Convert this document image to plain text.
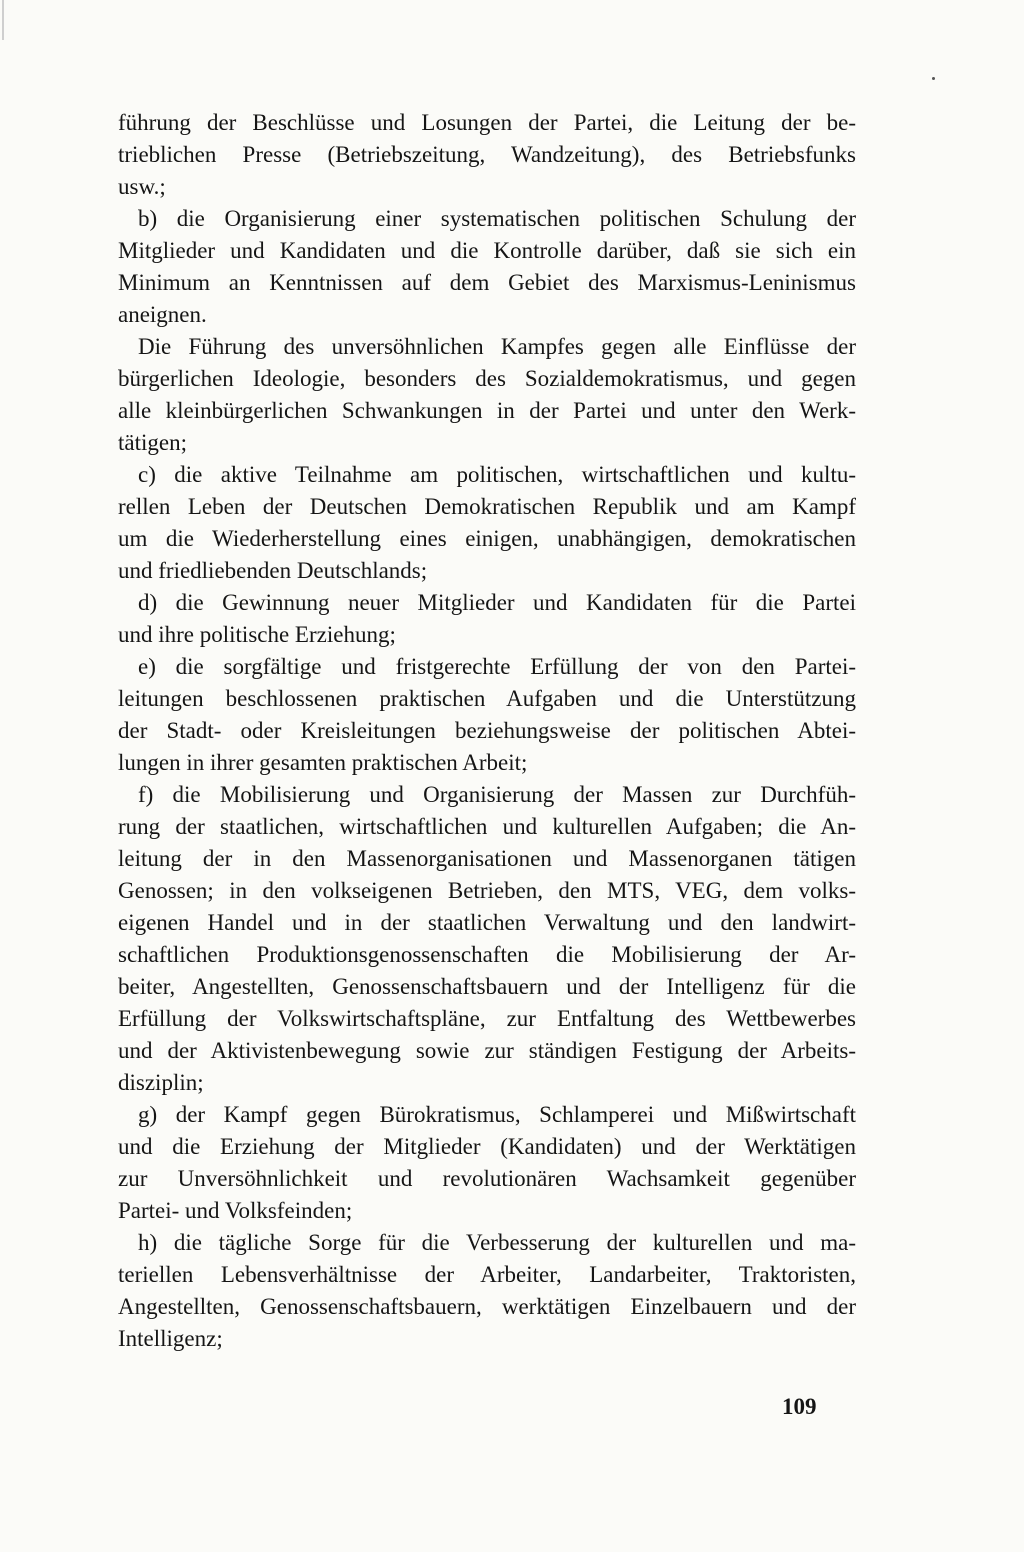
führung der Beschlüsse und Losungen der Partei, die Leitung der be-
trieblichen Presse (Betriebszeitung, Wandzeitung), des Betriebsfunks
usw.;
b) die Organisierung einer systematischen politischen Schulung der
Mitglieder und Kandidaten und die Kontrolle darüber, daß sie sich ein
Minimum an Kenntnissen auf dem Gebiet des Marxismus-Leninismus
aneignen.
Die Führung des unversöhnlichen Kampfes gegen alle Einflüsse der
bürgerlichen Ideologie, besonders des Sozialdemokratismus, und gegen
alle kleinbürgerlichen Schwankungen in der Partei und unter den Werk-
tätigen;
c) die aktive Teilnahme am politischen, wirtschaftlichen und kultu-
rellen Leben der Deutschen Demokratischen Republik und am Kampf
um die Wiederherstellung eines einigen, unabhängigen, demokratischen
und friedliebenden Deutschlands;
d) die Gewinnung neuer Mitglieder und Kandidaten für die Partei
und ihre politische Erziehung;
e) die sorgfältige und fristgerechte Erfüllung der von den Partei-
leitungen beschlossenen praktischen Aufgaben und die Unterstützung
der Stadt- oder Kreisleitungen beziehungsweise der politischen Abtei-
lungen in ihrer gesamten praktischen Arbeit;
f) die Mobilisierung und Organisierung der Massen zur Durchfüh-
rung der staatlichen, wirtschaftlichen und kulturellen Aufgaben; die An-
leitung der in den Massenorganisationen und Massenorganen tätigen
Genossen; in den volkseigenen Betrieben, den MTS, VEG, dem volks-
eigenen Handel und in der staatlichen Verwaltung und den landwirt-
schaftlichen Produktionsgenossenschaften die Mobilisierung der Ar-
beiter, Angestellten, Genossenschaftsbauern und der Intelligenz für die
Erfüllung der Volkswirtschaftspläne, zur Entfaltung des Wettbewerbes
und der Aktivistenbewegung sowie zur ständigen Festigung der Arbeits-
disziplin;
g) der Kampf gegen Bürokratismus, Schlamperei und Mißwirtschaft
und die Erziehung der Mitglieder (Kandidaten) und der Werktätigen
zur Unversöhnlichkeit und revolutionären Wachsamkeit gegenüber
Partei- und Volksfeinden;
h) die tägliche Sorge für die Verbesserung der kulturellen und ma-
teriellen Lebensverhältnisse der Arbeiter, Landarbeiter, Traktoristen,
Angestellten, Genossenschaftsbauern, werktätigen Einzelbauern und der
Intelligenz;
109
